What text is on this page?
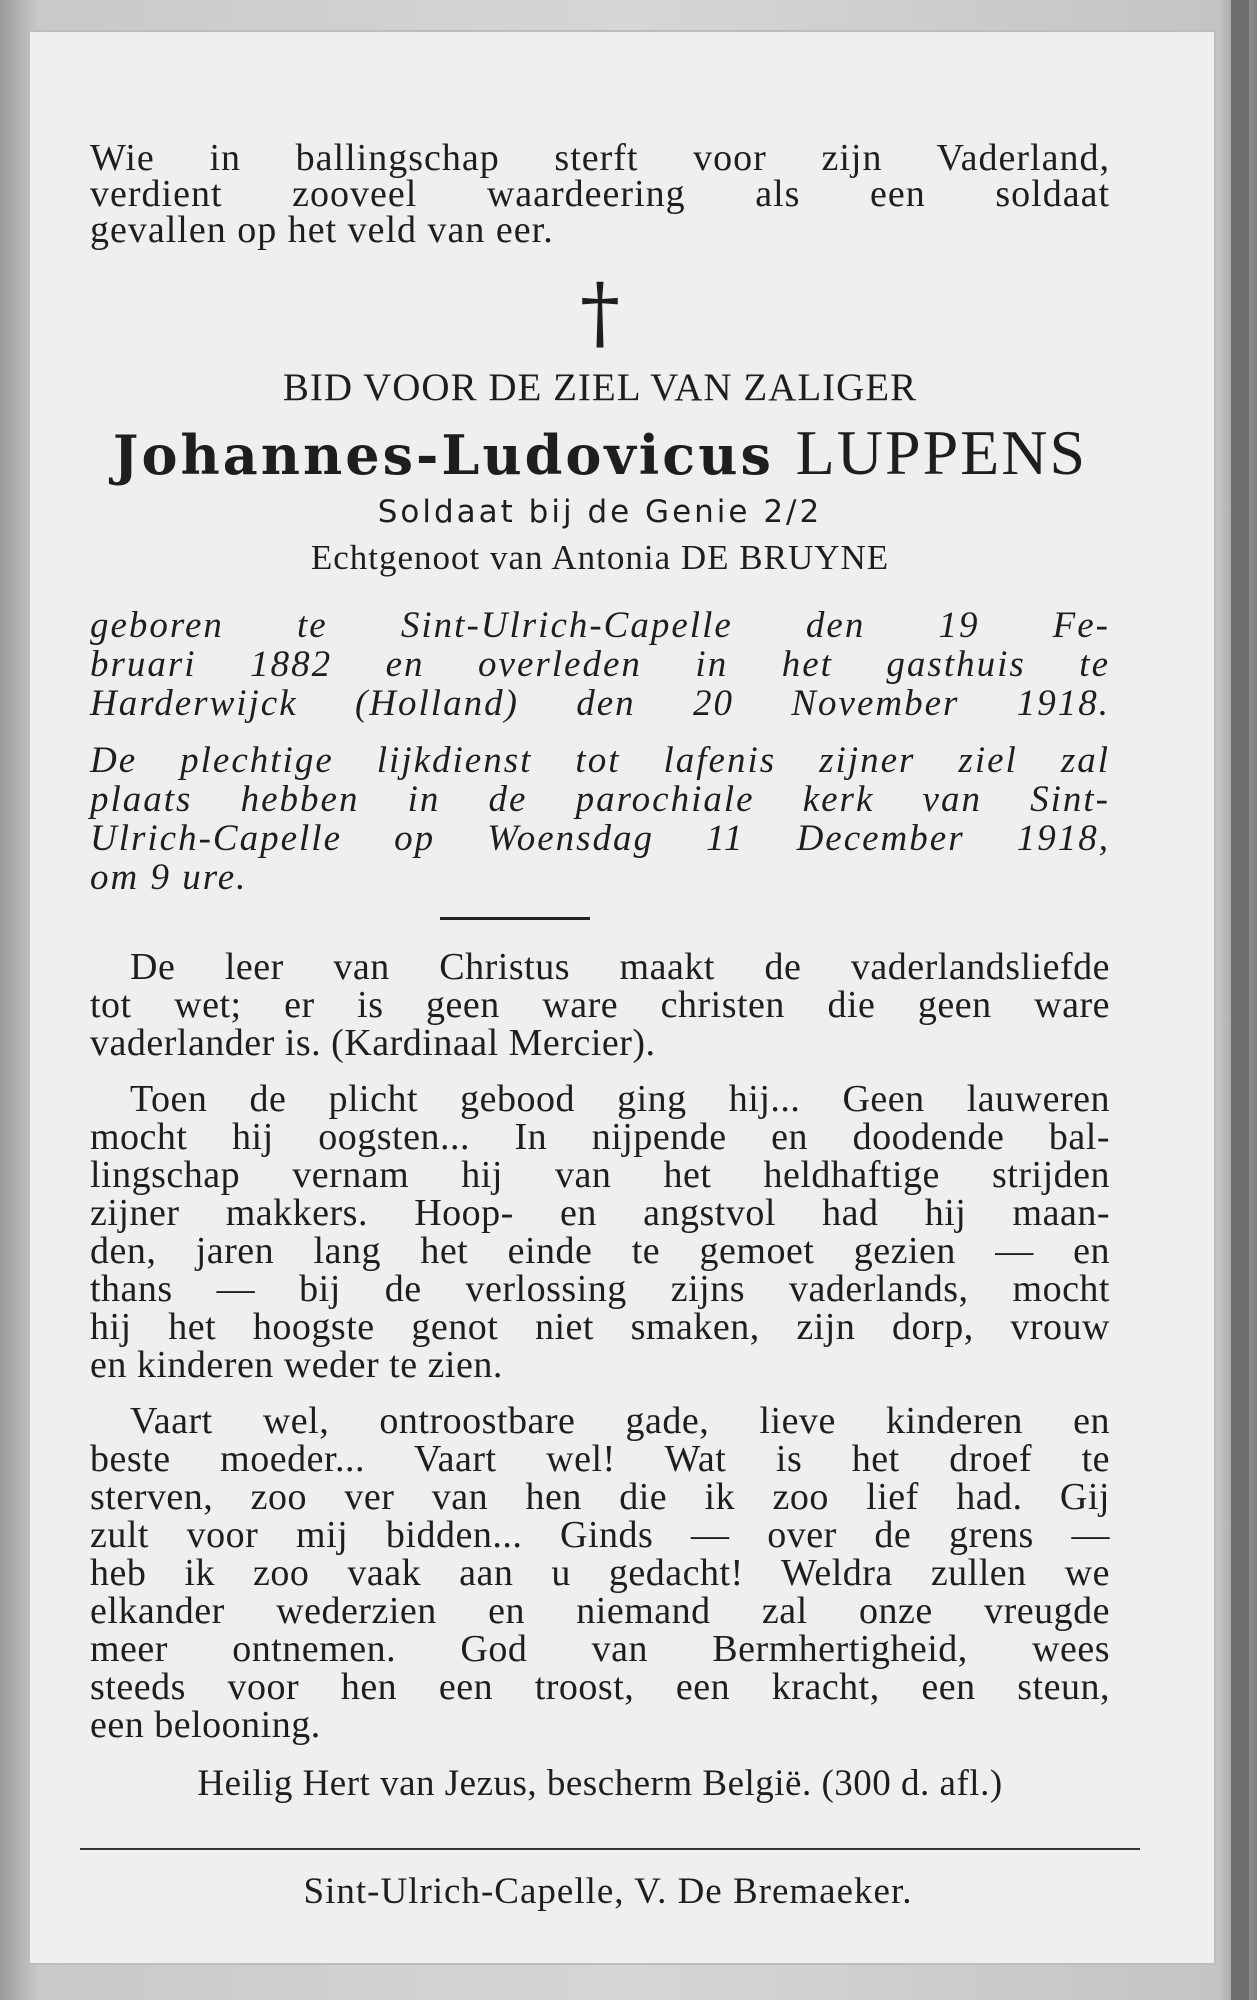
Wie in ballingschap sterft voor zijn Vaderland,

verdient zooveel waardeering als een soldaat

gevallen op het veld van eer.

†
BID VOOR DE ZIEL VAN ZALIGER
Johannes-Ludovicus LUPPENS
Soldaat bij de Genie 2/2
Echtgenoot van Antonia DE BRUYNE

geboren te Sint-Ulrich-Capelle den 19 Fe-

bruari 1882 en overleden in het gasthuis te

Harderwijck (Holland) den 20 November 1918.

De plechtige lijkdienst tot lafenis zijner ziel zal

plaats hebben in de parochiale kerk van Sint-

Ulrich-Capelle op Woensdag 11 December 1918,

om 9 ure.

De leer van Christus maakt de vaderlandsliefde

tot wet; er is geen ware christen die geen ware

vaderlander is. (Kardinaal Mercier).

Toen de plicht gebood ging hij... Geen lauweren

mocht hij oogsten... In nijpende en doodende bal-

lingschap vernam hij van het heldhaftige strijden

zijner makkers. Hoop- en angstvol had hij maan-

den, jaren lang het einde te gemoet gezien — en

thans — bij de verlossing zijns vaderlands, mocht

hij het hoogste genot niet smaken, zijn dorp, vrouw

en kinderen weder te zien.

Vaart wel, ontroostbare gade, lieve kinderen en

beste moeder... Vaart wel! Wat is het droef te

sterven, zoo ver van hen die ik zoo lief had. Gij

zult voor mij bidden... Ginds — over de grens —

heb ik zoo vaak aan u gedacht! Weldra zullen we

elkander wederzien en niemand zal onze vreugde

meer ontnemen. God van Bermhertigheid, wees

steeds voor hen een troost, een kracht, een steun,

een belooning.

Heilig Hert van Jezus, bescherm België. (300 d. afl.)
Sint-Ulrich-Capelle, V. De Bremaeker.
